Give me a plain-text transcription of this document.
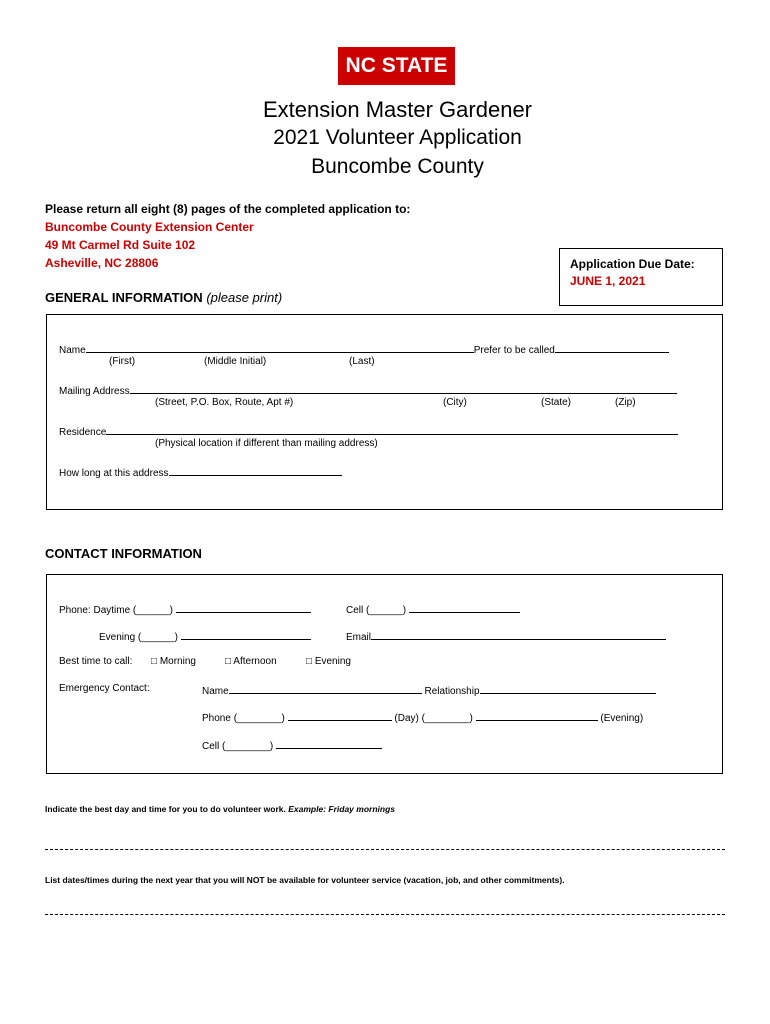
NC STATE
Extension Master Gardener
2021 Volunteer Application
Buncombe County
Please return all eight (8) pages of the completed application to:
Buncombe County Extension Center
49 Mt Carmel Rd Suite 102
Asheville, NC 28806	Application Due Date:
JUNE 1, 2021
GENERAL INFORMATION (please print)
Name	Prefer to be called
(First)	(Middle Initial)	(Last)
Mailing Address
(Street, P.O. Box, Route, Apt #)	(City)	(State)	(Zip)
Residence
(Physical location if different than mailing address)
How long at this address
CONTACT INFORMATION
Phone: Daytime (______)	Cell (______)
Evening (______)	Email
Best time to call: □ Morning	□ Afternoon	□ Evening
Emergency Contact:	Name	Relationship
Phone (________)	(Day) (________)	(Evening)
Cell (________)
Indicate the best day and time for you to do volunteer work. Example: Friday mornings
List dates/times during the next year that you will NOT be available for volunteer service (vacation, job, and other commitments).
